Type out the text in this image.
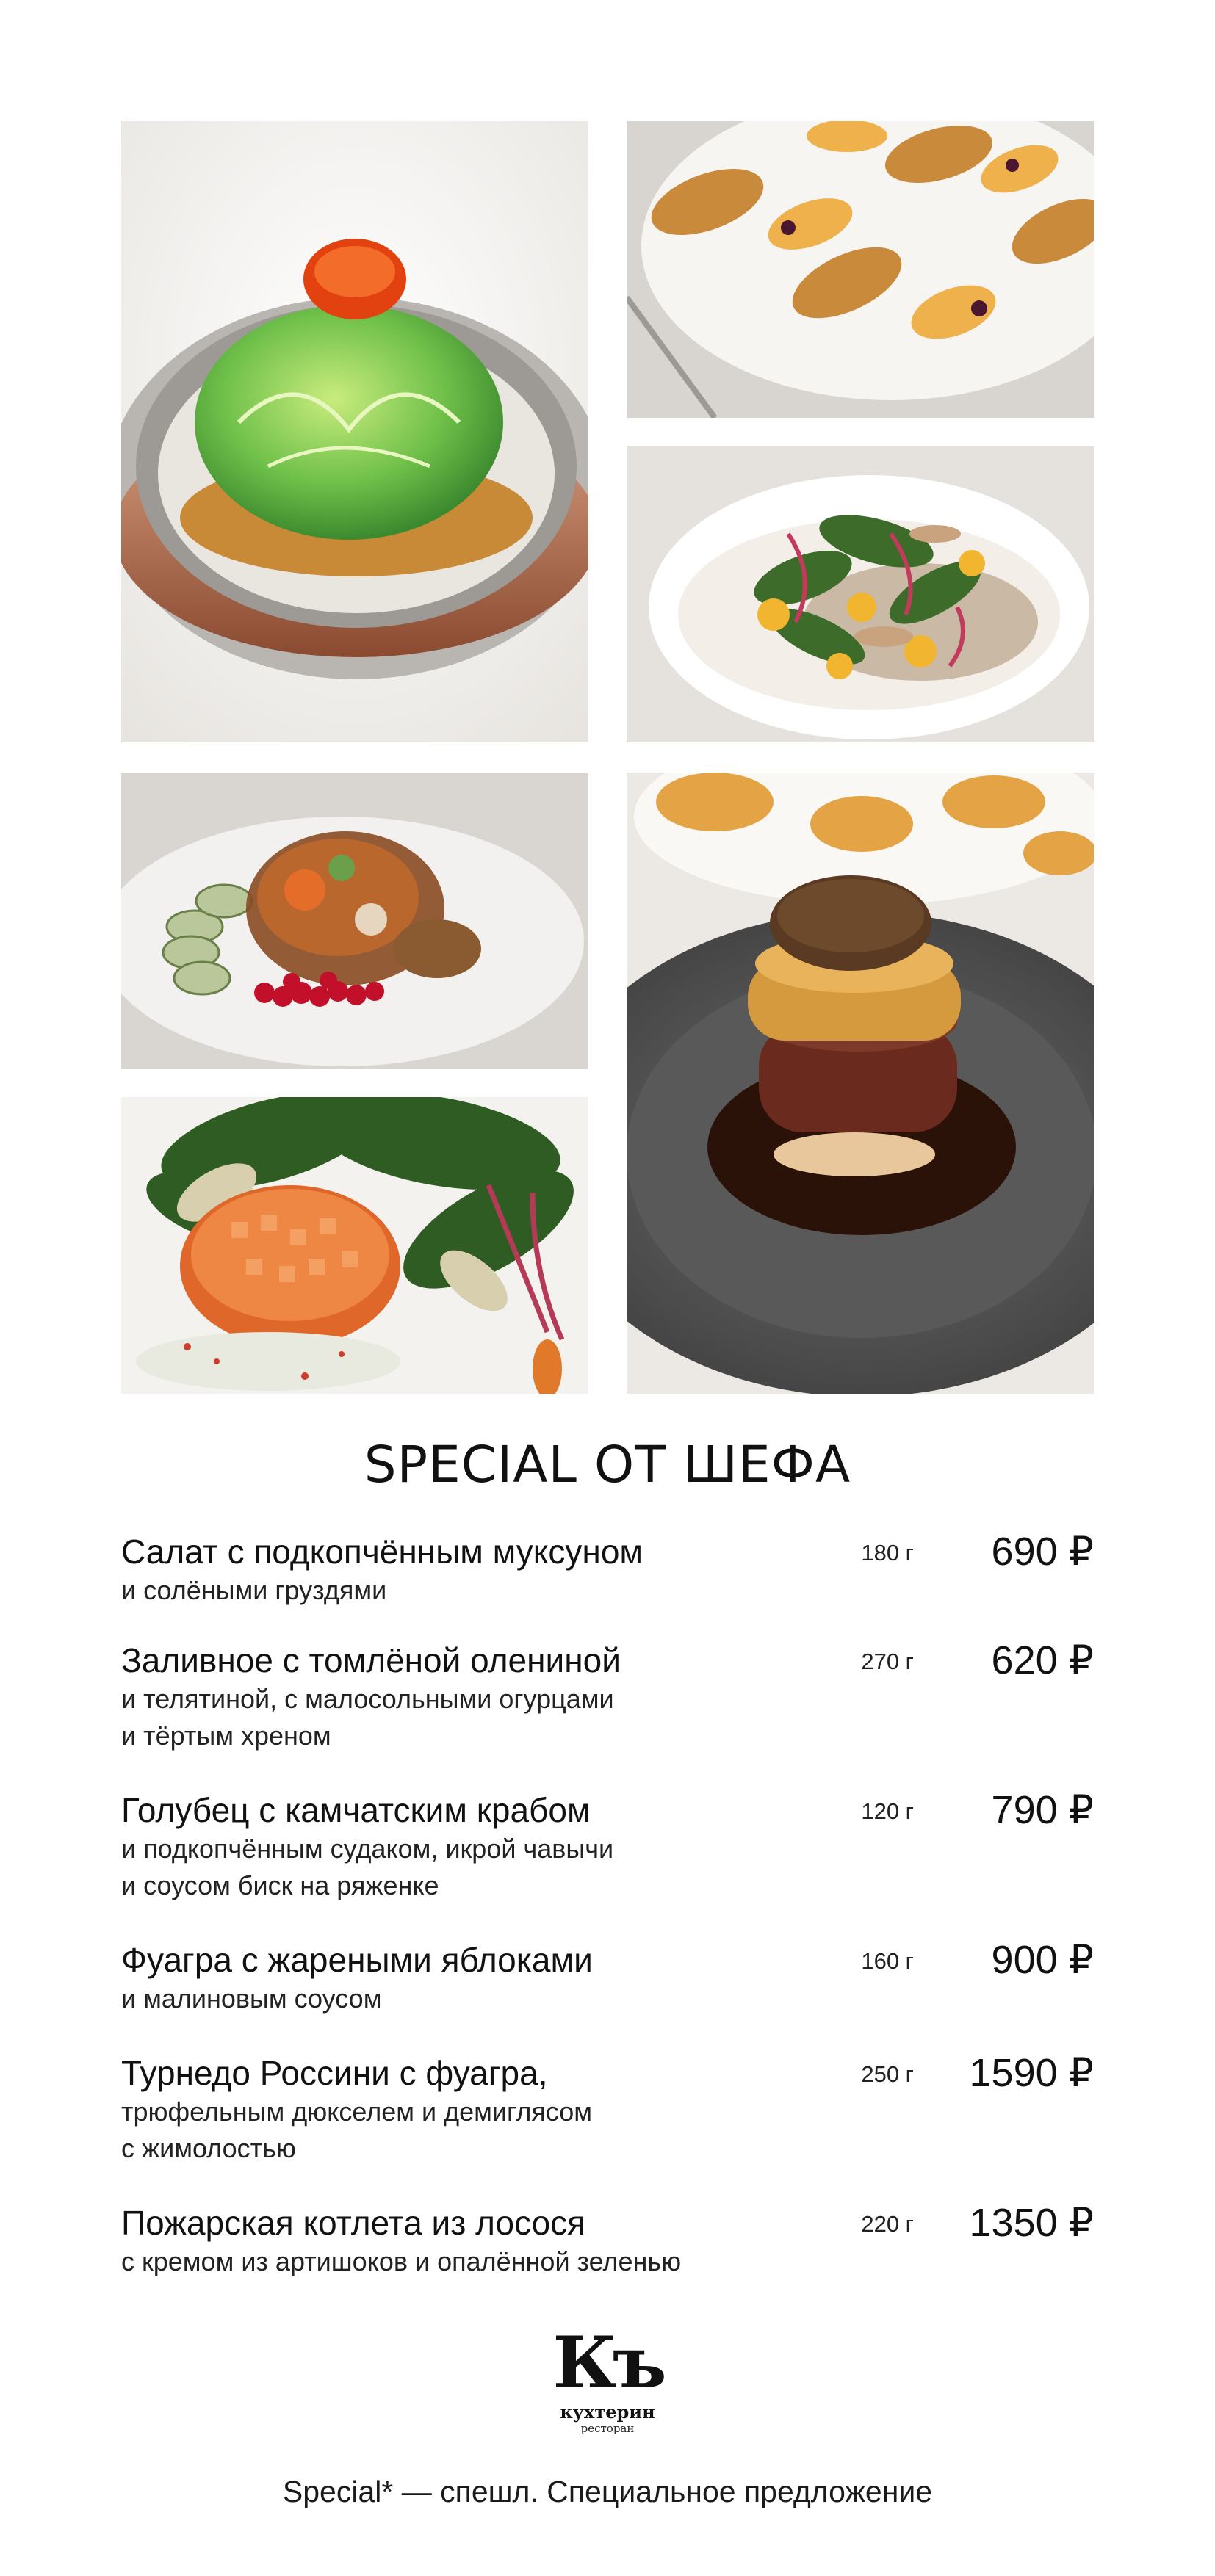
SPECIAL ОТ ШЕФА
Салат с подкопчённым муксуном
и солёными груздями
180 г 690 ₽
Заливное с томлёной олениной
и телятиной, с малосольными огурцами
и тёртым хреном
270 г 620 ₽
Голубец с камчатским крабом
и подкопчённым судаком, икрой чавычи
и соусом биск на ряженке
120 г 790 ₽
Фуагра с жареными яблоками
и малиновым соусом
160 г 900 ₽
Турнедо Россини с фуагра,
трюфельным дюкселем и демиглясом
с жимолостью
250 г 1590 ₽
Пожарская котлета из лосося
с кремом из артишоков и опалённой зеленью
220 г 1350 ₽
Къ
кухтерин
ресторан
Special* — спешл. Специальное предложение
